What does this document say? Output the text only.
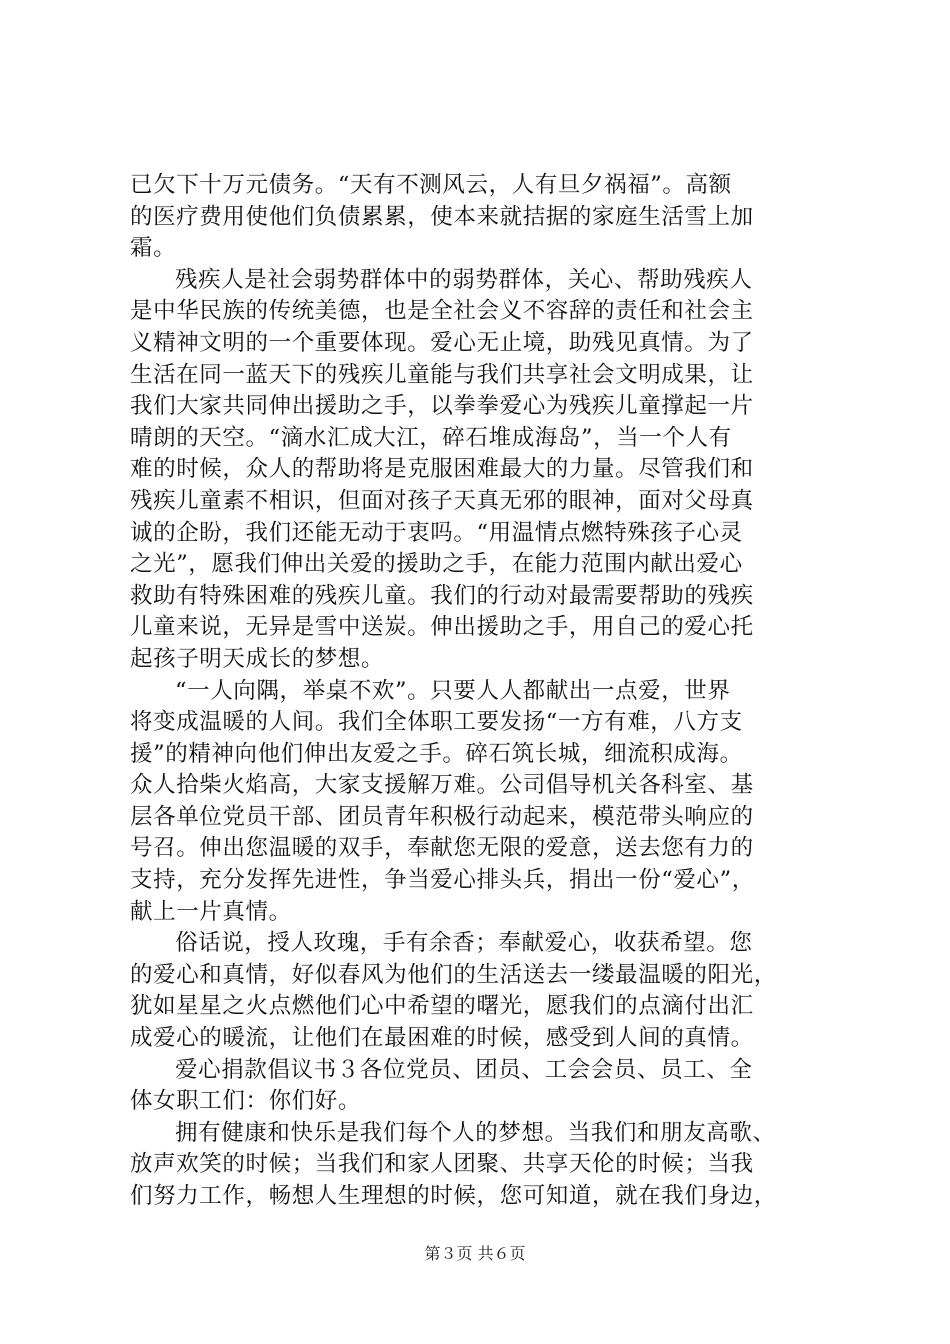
已欠下十万元债务。“天有不测风云，人有旦夕祸福”。高额
的医疗费用使他们负债累累，使本来就拮据的家庭生活雪上加
霜。
残疾人是社会弱势群体中的弱势群体，关心、帮助残疾人
是中华民族的传统美德，也是全社会义不容辞的责任和社会主
义精神文明的一个重要体现。爱心无止境，助残见真情。为了
生活在同一蓝天下的残疾儿童能与我们共享社会文明成果，让
我们大家共同伸出援助之手，以拳拳爱心为残疾儿童撑起一片
晴朗的天空。“滴水汇成大江，碎石堆成海岛”，当一个人有
难的时候，众人的帮助将是克服困难最大的力量。尽管我们和
残疾儿童素不相识，但面对孩子天真无邪的眼神，面对父母真
诚的企盼，我们还能无动于衷吗。“用温情点燃特殊孩子心灵
之光”，愿我们伸出关爱的援助之手，在能力范围内献出爱心
救助有特殊困难的残疾儿童。我们的行动对最需要帮助的残疾
儿童来说，无异是雪中送炭。伸出援助之手，用自己的爱心托
起孩子明天成长的梦想。
“一人向隅，举桌不欢”。只要人人都献出一点爱，世界
将变成温暖的人间。我们全体职工要发扬“一方有难，八方支
援”的精神向他们伸出友爱之手。碎石筑长城，细流积成海。
众人拾柴火焰高，大家支援解万难。公司倡导机关各科室、基
层各单位党员干部、团员青年积极行动起来，模范带头响应的
号召。伸出您温暖的双手，奉献您无限的爱意，送去您有力的
支持，充分发挥先进性，争当爱心排头兵，捐出一份“爱心”，
献上一片真情。
俗话说，授人玫瑰，手有余香；奉献爱心，收获希望。您
的爱心和真情，好似春风为他们的生活送去一缕最温暖的阳光，
犹如星星之火点燃他们心中希望的曙光，愿我们的点滴付出汇
成爱心的暖流，让他们在最困难的时候，感受到人间的真情。
爱心捐款倡议书３各位党员、团员、工会会员、员工、全
体女职工们：你们好。
拥有健康和快乐是我们每个人的梦想。当我们和朋友高歌、
放声欢笑的时候；当我们和家人团聚、共享天伦的时候；当我
们努力工作，畅想人生理想的时候，您可知道，就在我们身边，
第３页 共６页
